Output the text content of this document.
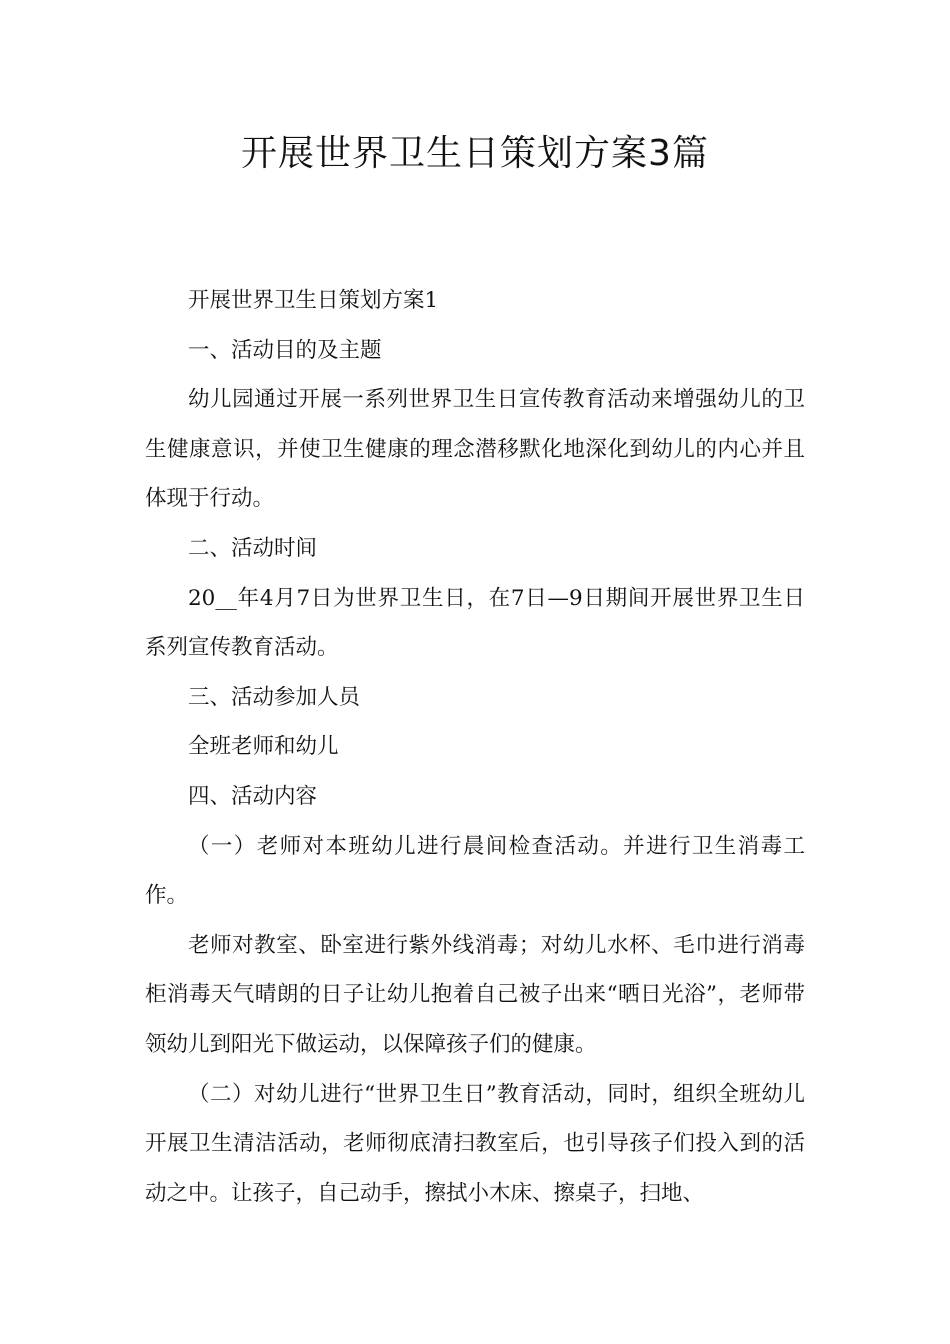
开展世界卫生日策划方案3篇

开展世界卫生日策划方案1

一、活动目的及主题

幼儿园通过开展一系列世界卫生日宣传教育活动来增强幼儿的卫生健康意识，并使卫生健康的理念潜移默化地深化到幼儿的内心并且体现于行动。

二、活动时间

20__年4月7日为世界卫生日，在7日—9日期间开展世界卫生日系列宣传教育活动。

三、活动参加人员

全班老师和幼儿

四、活动内容

（一）老师对本班幼儿进行晨间检查活动。并进行卫生消毒工作。

老师对教室、卧室进行紫外线消毒；对幼儿水杯、毛巾进行消毒柜消毒天气晴朗的日子让幼儿抱着自己被子出来“晒日光浴”，老师带领幼儿到阳光下做运动，以保障孩子们的健康。

（二）对幼儿进行“世界卫生日”教育活动，同时，组织全班幼儿开展卫生清洁活动，老师彻底清扫教室后，也引导孩子们投入到的活动之中。让孩子，自己动手，擦拭小木床、擦桌子，扫地、
